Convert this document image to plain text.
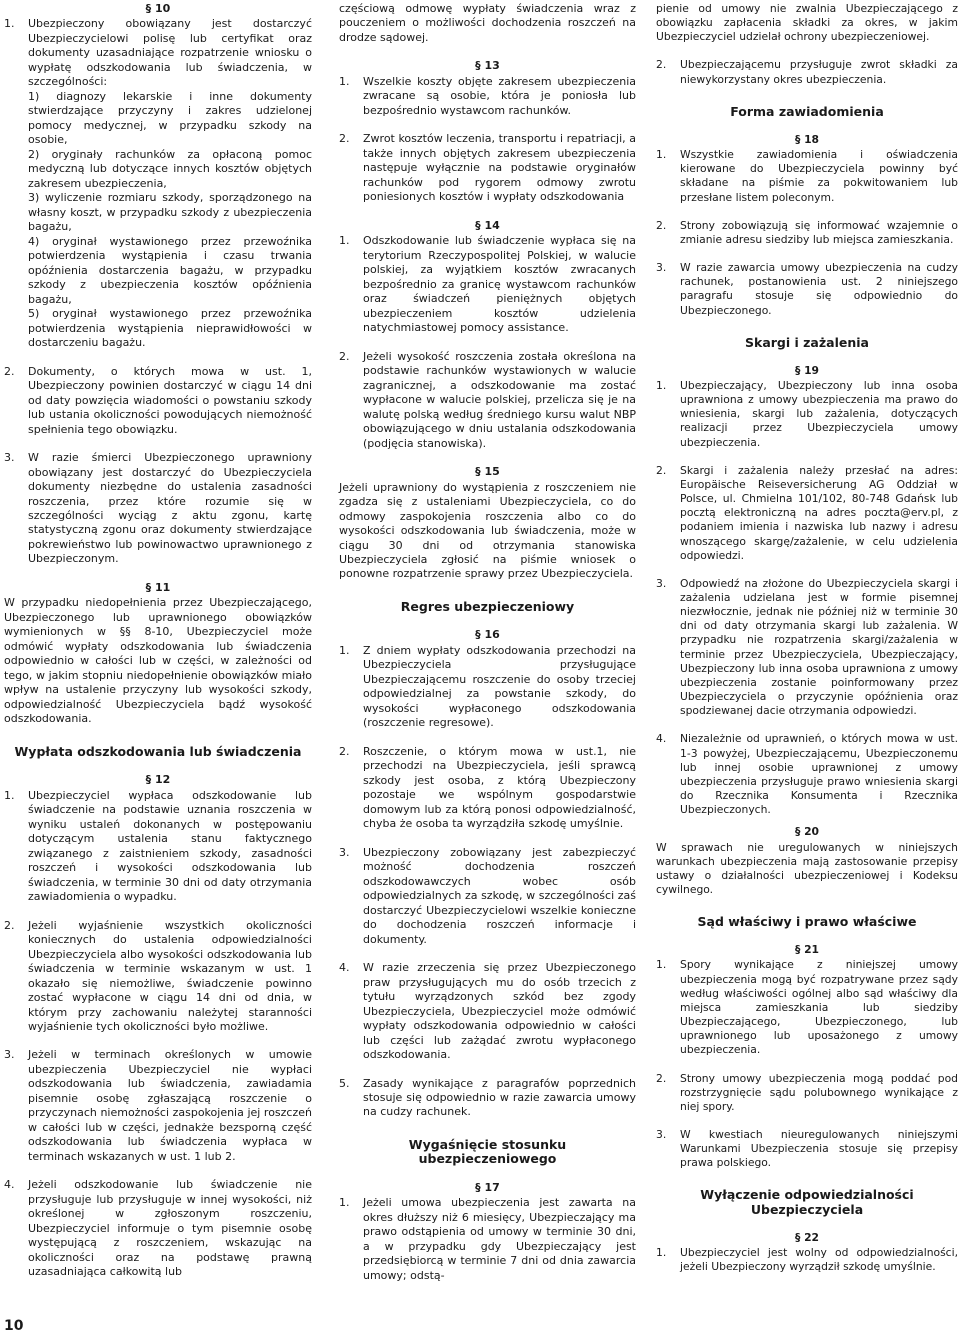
§ 10
1. Ubezpieczony obowiązany jest dostarczyć Ubezpieczycielowi polisę lub certyfikat oraz dokumenty uzasadniające rozpatrzenie wniosku o wypłatę odszkodowania lub świadczenia, w szczególności:

1) diagnozy lekarskie i inne dokumenty stwierdzające przyczyny i zakres udzielonej pomocy medycznej, w przypadku szkody na osobie,

2) oryginały rachunków za opłaconą pomoc medyczną lub dotyczące innych kosztów objętych zakresem ubezpieczenia,

3) wyliczenie rozmiaru szkody, sporządzonego na własny koszt, w przypadku szkody z ubezpieczenia bagażu,

4) oryginał wystawionego przez przewoźnika potwierdzenia wystąpienia i czasu trwania opóźnienia dostarczenia bagażu, w przypadku szkody z ubezpieczenia kosztów opóźnienia bagażu,

5) oryginał wystawionego przez przewoźnika potwierdzenia wystąpienia nieprawidłowości w dostarczeniu bagażu.

2. Dokumenty, o których mowa w ust. 1, Ubezpieczony powinien dostarczyć w ciągu 14 dni od daty powzięcia wiadomości o powstaniu szkody lub ustania okoliczności powodujących niemożność spełnienia tego obowiązku.
3. W razie śmierci Ubezpieczonego uprawniony obowiązany jest dostarczyć do Ubezpieczyciela dokumenty niezbędne do ustalenia zasadności roszczenia, przez które rozumie się w szczególności wyciąg z aktu zgonu, kartę statystyczną zgonu oraz dokumenty stwierdzające pokrewieństwo lub powinowactwo uprawnionego z Ubezpieczonym.
§ 11

W przypadku niedopełnienia przez Ubezpieczającego, Ubezpieczonego lub uprawnionego obowiązków wymienionych w §§ 8-10, Ubezpieczyciel może odmówić wypłaty odszkodowania lub świadczenia odpowiednio w całości lub w części, w zależności od tego, w jakim stopniu niedopełnienie obowiązków miało wpływ na ustalenie przyczyny lub wysokości szkody, odpowiedzialność Ubezpieczyciela bądź wysokość odszkodowania.

Wypłata odszkodowania lub świadczenia
§ 12
1. Ubezpieczyciel wypłaca odszkodowanie lub świadczenie na podstawie uznania roszczenia w wyniku ustaleń dokonanych w postępowaniu dotyczącym ustalenia stanu faktycznego związanego z zaistnieniem szkody, zasadności roszczeń i wysokości odszkodowania lub świadczenia, w terminie 30 dni od daty otrzymania zawiadomienia o wypadku.
2. Jeżeli wyjaśnienie wszystkich okoliczności koniecznych do ustalenia odpowiedzialności Ubezpieczyciela albo wysokości odszkodowania lub świadczenia w terminie wskazanym w ust. 1 okazało się niemożliwe, świadczenie powinno zostać wypłacone w ciągu 14 dni od dnia, w którym przy zachowaniu należytej staranności wyjaśnienie tych okoliczności było możliwe.
3. Jeżeli w terminach określonych w umowie ubezpieczenia Ubezpieczyciel nie wypłaci odszkodowania lub świadczenia, zawiadamia pisemnie osobę zgłaszającą roszczenie o przyczynach niemożności zaspokojenia jej roszczeń w całości lub w części, jednakże bezsporną część odszkodowania lub świadczenia wypłaca w terminach wskazanych w ust. 1 lub 2.
4. Jeżeli odszkodowanie lub świadczenie nie przysługuje lub przysługuje w innej wysokości, niż określonej w zgłoszonym roszczeniu, Ubezpieczyciel informuje o tym pisemnie osobę występującą z roszczeniem, wskazując na okoliczności oraz na podstawę prawną uzasadniająca całkowitą lub

częściową odmowę wypłaty świadczenia wraz z pouczeniem o możliwości dochodzenia roszczeń na drodze sądowej.

§ 13
1. Wszelkie koszty objęte zakresem ubezpieczenia zwracane są osobie, która je poniosła lub bezpośrednio wystawcom rachunków.
2. Zwrot kosztów leczenia, transportu i repatriacji, a także innych objętych zakresem ubezpieczenia następuje wyłącznie na podstawie oryginałów rachunków pod rygorem odmowy zwrotu poniesionych kosztów i wypłaty odszkodowania
§ 14
1. Odszkodowanie lub świadczenie wypłaca się na terytorium Rzeczypospolitej Polskiej, w walucie polskiej, za wyjątkiem kosztów zwracanych bezpośrednio za granicę wystawcom rachunków oraz świadczeń pieniężnych objętych ubezpieczeniem kosztów udzielenia natychmiastowej pomocy assistance.
2. Jeżeli wysokość roszczenia została określona na podstawie rachunków wystawionych w walucie zagranicznej, a odszkodowanie ma zostać wypłacone w walucie polskiej, przelicza się je na walutę polską według średniego kursu walut NBP obowiązującego w dniu ustalania odszkodowania (podjęcia stanowiska).
§ 15

Jeżeli uprawniony do wystąpienia z roszczeniem nie zgadza się z ustaleniami Ubezpieczyciela, co do odmowy zaspokojenia roszczenia albo co do wysokości odszkodowania lub świadczenia, może w ciągu 30 dni od otrzymania stanowiska Ubezpieczyciela zgłosić na piśmie wniosek o ponowne rozpatrzenie sprawy przez Ubezpieczyciela.

Regres ubezpieczeniowy
§ 16
1. Z dniem wypłaty odszkodowania przechodzi na Ubezpieczyciela przysługujące Ubezpieczającemu roszczenie do osoby trzeciej odpowiedzialnej za powstanie szkody, do wysokości wypłaconego odszkodowania (roszczenie regresowe).
2. Roszczenie, o którym mowa w ust.1, nie przechodzi na Ubezpieczyciela, jeśli sprawcą szkody jest osoba, z którą Ubezpieczony pozostaje we wspólnym gospodarstwie domowym lub za którą ponosi odpowiedzialność, chyba że osoba ta wyrządziła szkodę umyślnie.
3. Ubezpieczony zobowiązany jest zabezpieczyć możność dochodzenia roszczeń odszkodowawczych wobec osób odpowiedzialnych za szkodę, w szczególności zaś dostarczyć Ubezpieczycielowi wszelkie konieczne do dochodzenia roszczeń informacje i dokumenty.
4. W razie zrzeczenia się przez Ubezpieczonego praw przysługujących mu do osób trzecich z tytułu wyrządzonych szkód bez zgody Ubezpieczyciela, Ubezpieczyciel może odmówić wypłaty odszkodowania odpowiednio w całości lub części lub zażądać zwrotu wypłaconego odszkodowania.
5. Zasady wynikające z paragrafów poprzednich stosuje się odpowiednio w razie zawarcia umowy na cudzy rachunek.
Wygaśnięcie stosunku ubezpieczeniowego
§ 17
1. Jeżeli umowa ubezpieczenia jest zawarta na okres dłuższy niż 6 miesięcy, Ubezpieczający ma prawo odstąpienia od umowy w terminie 30 dni, a w przypadku gdy Ubezpieczający jest przedsiębiorcą w terminie 7 dni od dnia zawarcia umowy; odstą-

pienie od umowy nie zwalnia Ubezpieczającego z obowiązku zapłacenia składki za okres, w jakim Ubezpieczyciel udzielał ochrony ubezpieczeniowej.

2. Ubezpieczającemu przysługuje zwrot składki za niewykorzystany okres ubezpieczenia.
Forma zawiadomienia
§ 18
1. Wszystkie zawiadomienia i oświadczenia kierowane do Ubezpieczyciela powinny być składane na piśmie za pokwitowaniem lub przesłane listem poleconym.
2. Strony zobowiązują się informować wzajemnie o zmianie adresu siedziby lub miejsca zamieszkania.
3. W razie zawarcia umowy ubezpieczenia na cudzy rachunek, postanowienia ust. 2 niniejszego paragrafu stosuje się odpowiednio do Ubezpieczonego.
Skargi i zażalenia
§ 19
1. Ubezpieczający, Ubezpieczony lub inna osoba uprawniona z umowy ubezpieczenia ma prawo do wniesienia, skargi lub zażalenia, dotyczących realizacji przez Ubezpieczyciela umowy ubezpieczenia.
2. Skargi i zażalenia należy przesłać na adres: Europäische Reiseversicherung AG Oddział w Polsce, ul. Chmielna 101/102, 80-748 Gdańsk lub pocztą elektroniczną na adres poczta@erv.pl, z podaniem imienia i nazwiska lub nazwy i adresu wnoszącego skargę/zażalenie, w celu udzielenia odpowiedzi.
3. Odpowiedź na złożone do Ubezpieczyciela skargi i zażalenia udzielana jest w formie pisemnej niezwłocznie, jednak nie później niż w terminie 30 dni od daty otrzymania skargi lub zażalenia. W przypadku nie rozpatrzenia skargi/zażalenia w terminie przez Ubezpieczyciela, Ubezpieczający, Ubezpieczony lub inna osoba uprawniona z umowy ubezpieczenia zostanie poinformowany przez Ubezpieczyciela o przyczynie opóźnienia oraz spodziewanej dacie otrzymania odpowiedzi.
4. Niezależnie od uprawnień, o których mowa w ust. 1-3 powyżej, Ubezpieczającemu, Ubezpieczonemu lub innej osobie uprawnionej z umowy ubezpieczenia przysługuje prawo wniesienia skargi do Rzecznika Konsumenta i Rzecznika Ubezpieczonych.
§ 20

W sprawach nie uregulowanych w niniejszych warunkach ubezpieczenia mają zastosowanie przepisy ustawy o działalności ubezpieczeniowej i Kodeksu cywilnego.

Sąd właściwy i prawo właściwe
§ 21
1. Spory wynikające z niniejszej umowy ubezpieczenia mogą być rozpatrywane przez sądy według właściwości ogólnej albo sąd właściwy dla miejsca zamieszkania lub siedziby Ubezpieczającego, Ubezpieczonego, lub uprawnionego lub uposażonego z umowy ubezpieczenia.
2. Strony umowy ubezpieczenia mogą poddać pod rozstrzygnięcie sądu polubownego wynikające z niej spory.
3. W kwestiach nieuregulowanych niniejszymi Warunkami Ubezpieczenia stosuje się przepisy prawa polskiego.
Wyłączenie odpowiedzialności Ubezpieczyciela
§ 22
1. Ubezpieczyciel jest wolny od odpowiedzialności, jeżeli Ubezpieczony wyrządził szkodę umyślnie.
10
